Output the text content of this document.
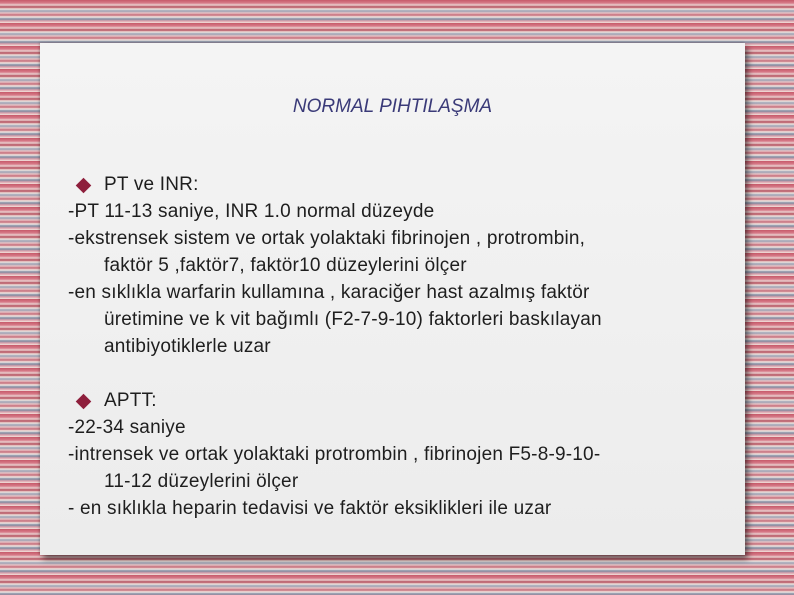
NORMAL PIHTILAŞMA
PT ve INR:
-PT 11-13 saniye, INR 1.0 normal düzeyde
-ekstrensek sistem ve ortak yolaktaki fibrinojen , protrombin,
faktör 5 ,faktör7, faktör10 düzeylerini ölçer
-en sıklıkla warfarin kullamına , karaciğer hast azalmış faktör
üretimine ve k vit bağımlı (F2-7-9-10) faktorleri baskılayan
antibiyotiklerle uzar
APTT:
-22-34 saniye
-intrensek ve ortak yolaktaki protrombin , fibrinojen F5-8-9-10-
11-12 düzeylerini ölçer
- en sıklıkla heparin tedavisi ve faktör eksiklikleri ile uzar
